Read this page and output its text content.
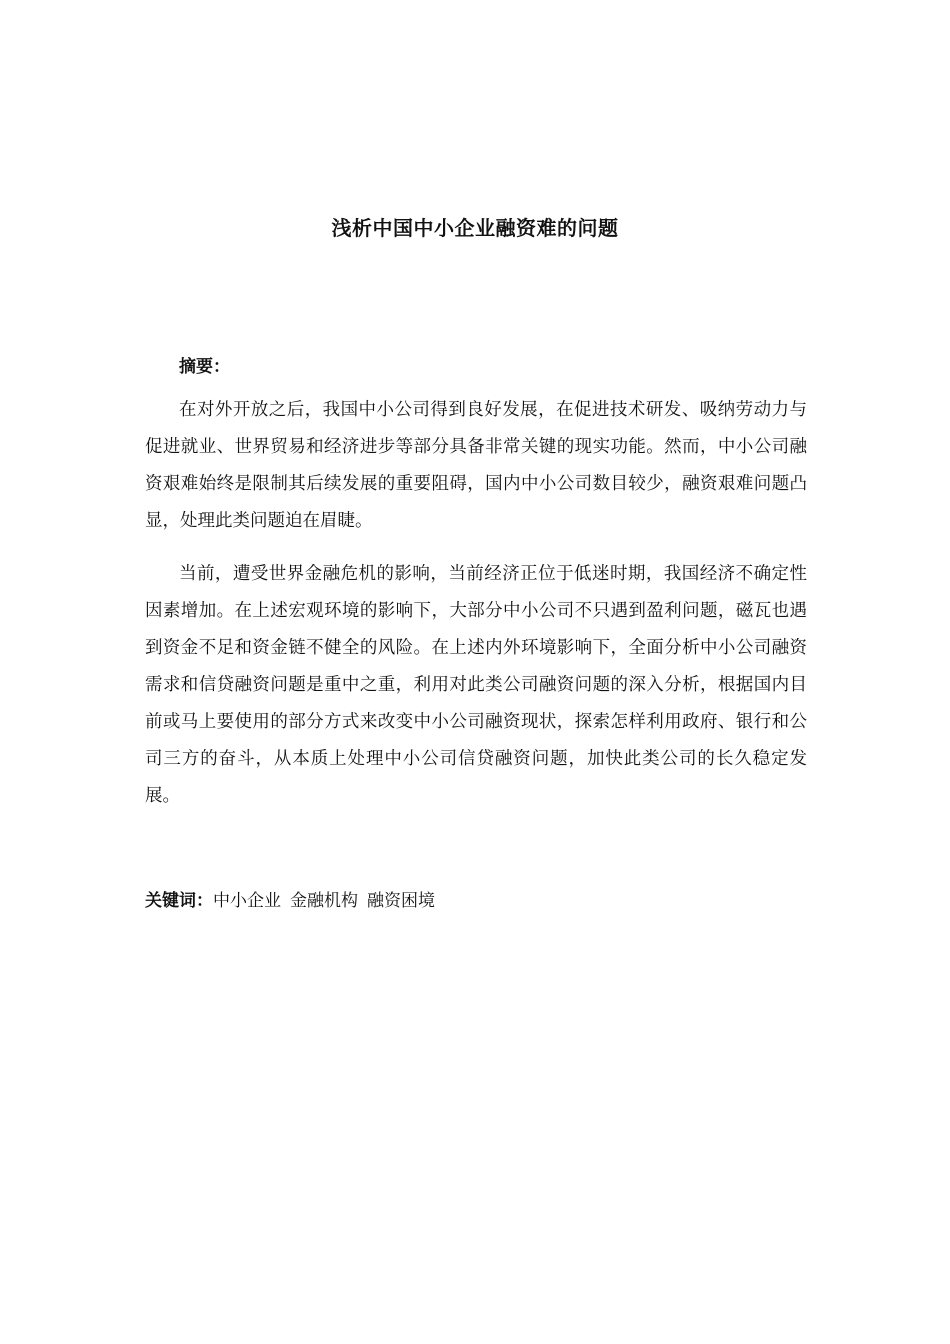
浅析中国中小企业融资难的问题
摘要：

在对外开放之后，我国中小公司得到良好发展，在促进技术研发、吸纳劳动力与促进就业、世界贸易和经济进步等部分具备非常关键的现实功能。然而，中小公司融资艰难始终是限制其后续发展的重要阻碍，国内中小公司数目较少，融资艰难问题凸显，处理此类问题迫在眉睫。

当前，遭受世界金融危机的影响，当前经济正位于低迷时期，我国经济不确定性因素增加。在上述宏观环境的影响下，大部分中小公司不只遇到盈利问题，磁瓦也遇到资金不足和资金链不健全的风险。在上述内外环境影响下，全面分析中小公司融资需求和信贷融资问题是重中之重，利用对此类公司融资问题的深入分析，根据国内目前或马上要使用的部分方式来改变中小公司融资现状，探索怎样利用政府、银行和公司三方的奋斗，从本质上处理中小公司信贷融资问题，加快此类公司的长久稳定发展。

关键词：中小企业 金融机构 融资困境
